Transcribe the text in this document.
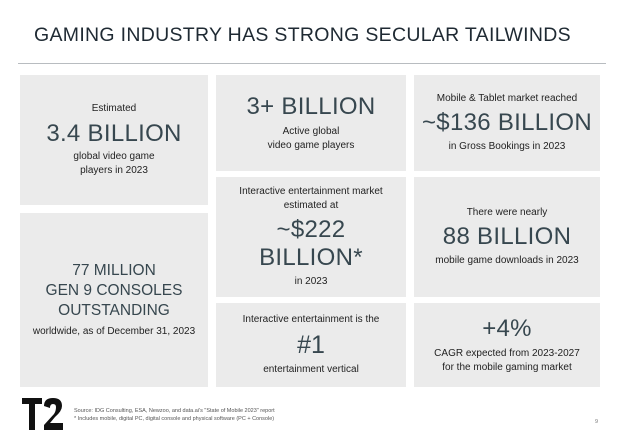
GAMING INDUSTRY HAS STRONG SECULAR TAILWINDS
Estimated
3.4 BILLION
global video game
players in 2023
77 MILLION
GEN 9 CONSOLES
OUTSTANDING
worldwide, as of December 31, 2023
3+ BILLION
Active global
video game players
Interactive entertainment market
estimated at
~$222
BILLION*
in 2023
Interactive entertainment is the
#1
entertainment vertical
Mobile & Tablet market reached
~$136 BILLION
in Gross Bookings in 2023
There were nearly
88 BILLION
mobile game downloads in 2023
+4%
CAGR expected from 2023-2027
for the mobile gaming market
Source: IDG Consulting, ESA, Newzoo, and data.ai's "State of Mobile 2023" report
* Includes mobile, digital PC, digital console and physical software (PC + Console)	9
